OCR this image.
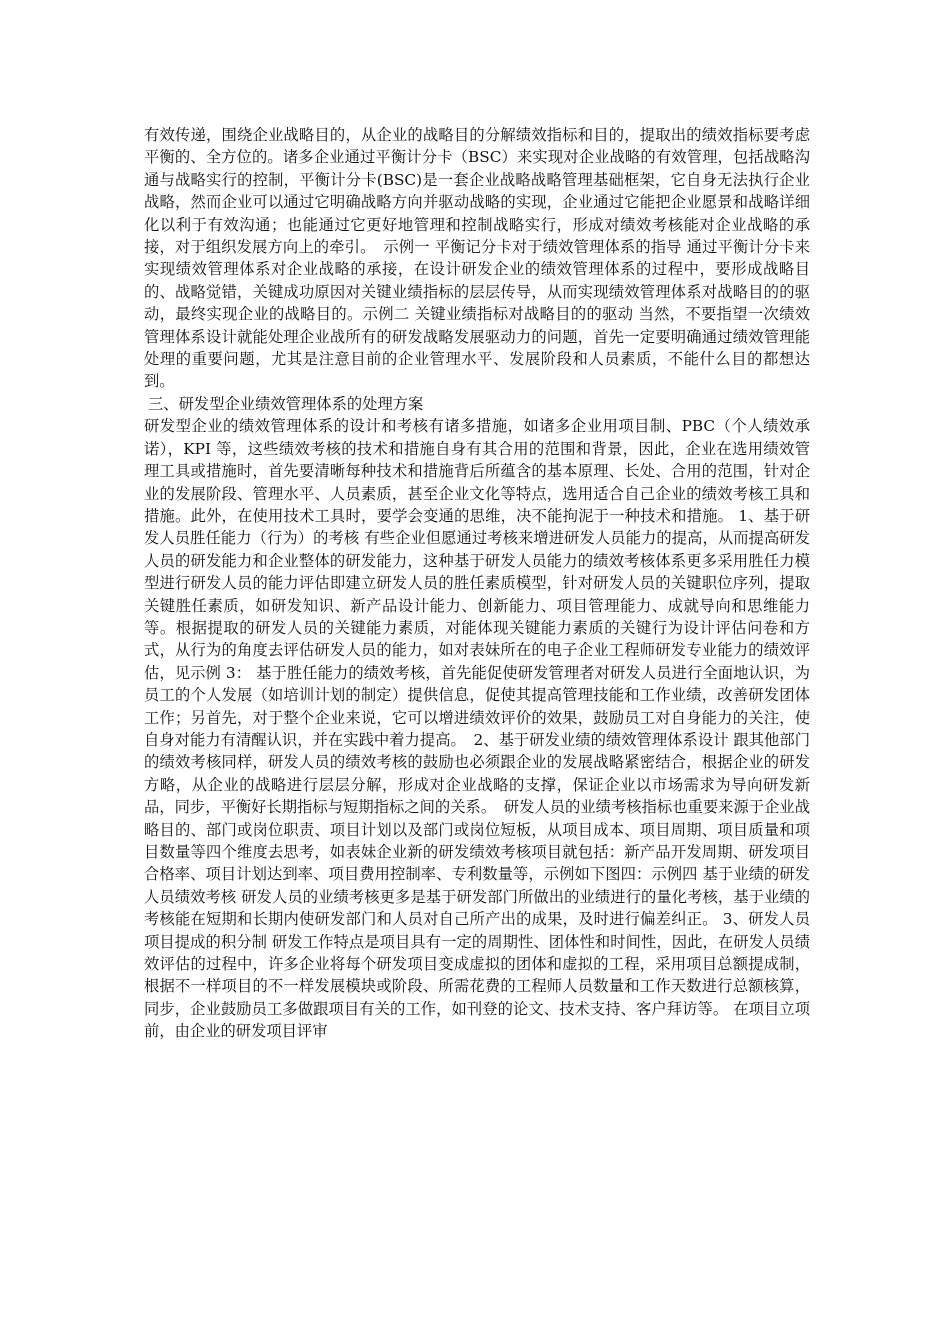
有效传递，围绕企业战略目的，从企业的战略目的分解绩效指标和目的，提取出的绩效指标要考虑平衡的、全方位的。诸多企业通过平衡计分卡（BSC）来实现对企业战略的有效管理，包括战略沟通与战略实行的控制，平衡计分卡(BSC)是一套企业战略战略管理基础框架，它自身无法执行企业战略，然而企业可以通过它明确战略方向并驱动战略的实现，企业通过它能把企业愿景和战略详细化以利于有效沟通；也能通过它更好地管理和控制战略实行，形成对绩效考核能对企业战略的承接，对于组织发展方向上的牵引。　示例一 平衡记分卡对于绩效管理体系的指导 通过平衡计分卡来实现绩效管理体系对企业战略的承接，在设计研发企业的绩效管理体系的过程中，要形成战略目的、战略觉错，关键成功原因对关键业绩指标的层层传导，从而实现绩效管理体系对战略目的的驱动，最终实现企业的战略目的。示例二 关键业绩指标对战略目的的驱动 当然，不要指望一次绩效管理体系设计就能处理企业战所有的研发战略发展驱动力的问题，首先一定要明确通过绩效管理能处理的重要问题，尤其是注意目前的企业管理水平、发展阶段和人员素质，不能什么目的都想达到。

三、研发型企业绩效管理体系的处理方案

研发型企业的绩效管理体系的设计和考核有诸多措施，如诸多企业用项目制、PBC（个人绩效承诺），KPI 等，这些绩效考核的技术和措施自身有其合用的范围和背景，因此，企业在选用绩效管理工具或措施时，首先要清晰每种技术和措施背后所蕴含的基本原理、长处、合用的范围，针对企业的发展阶段、管理水平、人员素质，甚至企业文化等特点，选用适合自己企业的绩效考核工具和措施。此外，在使用技术工具时，要学会变通的思维，决不能拘泥于一种技术和措施。 1、基于研发人员胜任能力（行为）的考核 有些企业但愿通过考核来增进研发人员能力的提高，从而提高研发人员的研发能力和企业整体的研发能力，这种基于研发人员能力的绩效考核体系更多采用胜任力模型进行研发人员的能力评估即建立研发人员的胜任素质模型，针对研发人员的关键职位序列，提取关键胜任素质，如研发知识、新产品设计能力、创新能力、项目管理能力、成就导向和思维能力等。根据提取的研发人员的关键能力素质，对能体现关键能力素质的关键行为设计评估问卷和方式，从行为的角度去评估研发人员的能力，如对表妹所在的电子企业工程师研发专业能力的绩效评估，见示例 3： 基于胜任能力的绩效考核，首先能促使研发管理者对研发人员进行全面地认识，为员工的个人发展（如培训计划的制定）提供信息，促使其提高管理技能和工作业绩，改善研发团体工作；另首先，对于整个企业来说，它可以增进绩效评价的效果，鼓励员工对自身能力的关注，使自身对能力有清醒认识，并在实践中着力提高。　2、基于研发业绩的绩效管理体系设计 跟其他部门的绩效考核同样，研发人员的绩效考核的鼓励也必须跟企业的发展战略紧密结合，根据企业的研发方略，从企业的战略进行层层分解，形成对企业战略的支撑，保证企业以市场需求为导向研发新品，同步，平衡好长期指标与短期指标之间的关系。　研发人员的业绩考核指标也重要来源于企业战略目的、部门或岗位职责、项目计划以及部门或岗位短板，从项目成本、项目周期、项目质量和项目数量等四个维度去思考，如表妹企业新的研发绩效考核项目就包括：新产品开发周期、研发项目合格率、项目计划达到率、项目费用控制率、专利数量等，示例如下图四：示例四 基于业绩的研发人员绩效考核 研发人员的业绩考核更多是基于研发部门所做出的业绩进行的量化考核，基于业绩的考核能在短期和长期内使研发部门和人员对自己所产出的成果，及时进行偏差纠正。 3、研发人员项目提成的积分制 研发工作特点是项目具有一定的周期性、团体性和时间性，因此，在研发人员绩效评估的过程中，许多企业将每个研发项目变成虚拟的团体和虚拟的工程，采用项目总额提成制，根据不一样项目的不一样发展模块或阶段、所需花费的工程师人员数量和工作天数进行总额核算，同步，企业鼓励员工多做跟项目有关的工作，如刊登的论文、技术支持、客户拜访等。 在项目立项前，由企业的研发项目评审
